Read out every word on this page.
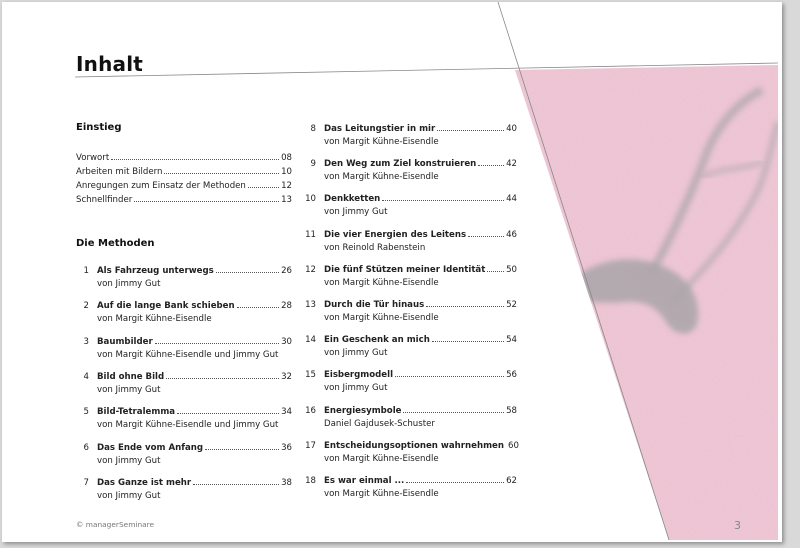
Inhalt
Einstieg
Vorwort	08
Arbeiten mit Bildern	10
Anregungen zum Einsatz der Methoden	12
Schnellfinder	13
Die Methoden
1 Als Fahrzeug unterwegs	26
von Jimmy Gut
2 Auf die lange Bank schieben	28
von Margit Kühne-Eisendle
3 Baumbilder	30
von Margit Kühne-Eisendle und Jimmy Gut
4 Bild ohne Bild	32
von Jimmy Gut
5 Bild-Tetralemma	34
von Margit Kühne-Eisendle und Jimmy Gut
6 Das Ende vom Anfang	36
von Jimmy Gut
7 Das Ganze ist mehr	38
von Jimmy Gut
8 Das Leitungstier in mir	40
von Margit Kühne-Eisendle
9 Den Weg zum Ziel konstruieren	42
von Margit Kühne-Eisendle
10 Denkketten	44
von Jimmy Gut
11 Die vier Energien des Leitens	46
von Reinold Rabenstein
12 Die fünf Stützen meiner Identität 50
von Margit Kühne-Eisendle
13 Durch die Tür hinaus	52
von Margit Kühne-Eisendle
14 Ein Geschenk an mich	54
von Jimmy Gut
15 Eisbergmodell	56
von Jimmy Gut
16 Energiesymbole	58
Daniel Gajdusek-Schuster
17 Entscheidungsoptionen wahrnehmen 60
von Margit Kühne-Eisendle
18 Es war einmal ...	62
von Margit Kühne-Eisendle
© managerSeminare	3
